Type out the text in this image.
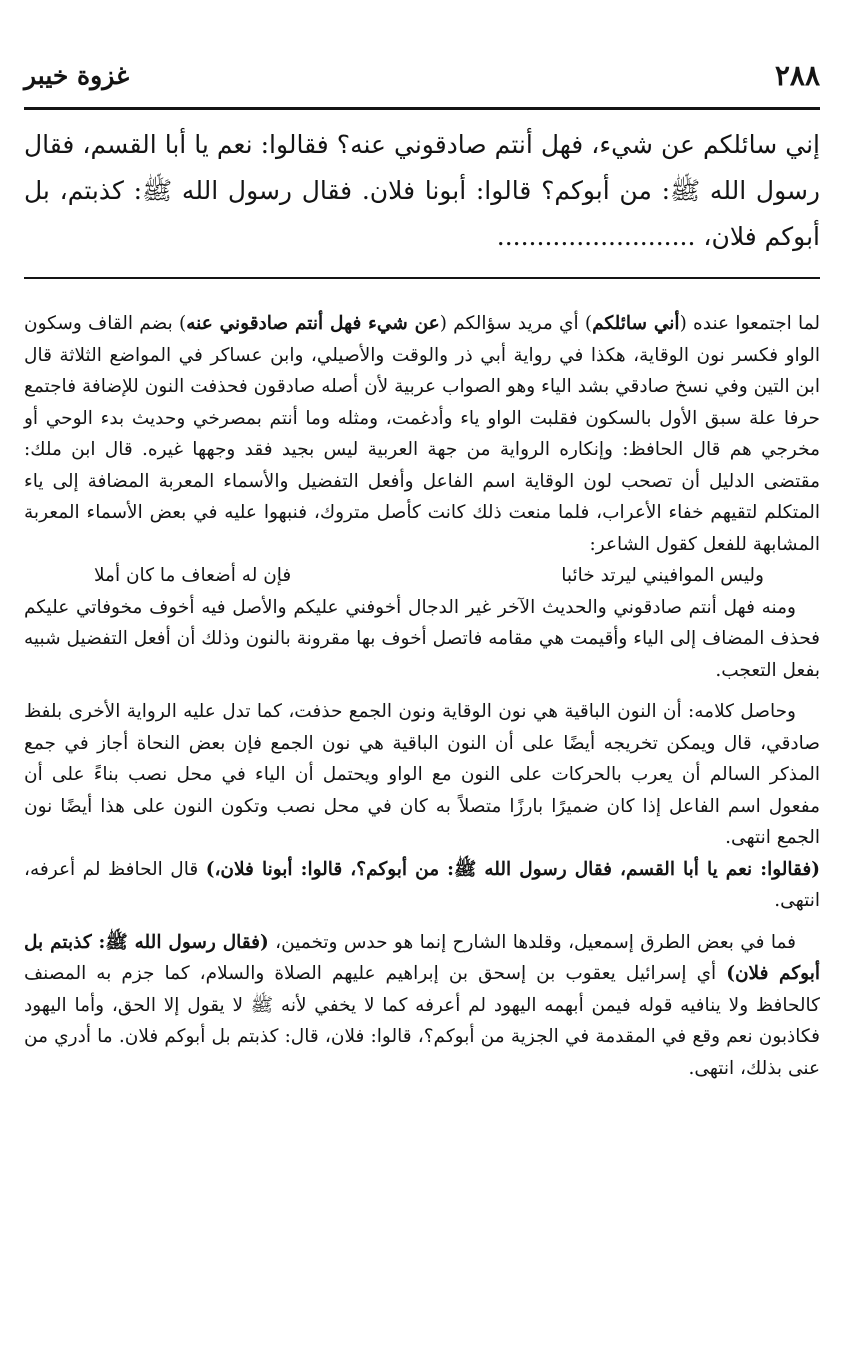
٢٨٨
غزوة خيبر

إني سائلكم عن شيء، فهل أنتم صادقوني عنه؟ فقالوا: نعم يا أبا القسم، فقال رسول الله ﷺ: من أبوكم؟ قالوا: أبونا فلان. فقال رسول الله ﷺ: كذبتم، بل أبوكم فلان، .........................

لما اجتمعوا عنده (أني سائلكم) أي مريد سؤالكم (عن شيء فهل أنتم صادقوني عنه) بضم القاف وسكون الواو فكسر نون الوقاية، هكذا في رواية أبي ذر والوقت والأصيلي، وابن عساكر في المواضع الثلاثة قال ابن التين وفي نسخ صادقي بشد الياء وهو الصواب عربية لأن أصله صادقون فحذفت النون للإضافة فاجتمع حرفا علة سبق الأول بالسكون فقلبت الواو ياء وأدغمت، ومثله وما أنتم بمصرخي وحديث بدء الوحي أو مخرجي هم قال الحافظ: وإنكاره الرواية من جهة العربية ليس بجيد فقد وجهها غيره. قال ابن ملك: مقتضى الدليل أن تصحب لون الوقاية اسم الفاعل وأفعل التفضيل والأسماء المعربة المضافة إلى ياء المتكلم لتقيهم خفاء الأعراب، فلما منعت ذلك كانت كأصل متروك، فنبهوا عليه في بعض الأسماء المعربة المشابهة للفعل كقول الشاعر:

وليس الموافيني ليرتد خائبا
فإن له أضعاف ما كان أملا

ومنه فهل أنتم صادقوني والحديث الآخر غير الدجال أخوفني عليكم والأصل فيه أخوف مخوفاتي عليكم فحذف المضاف إلى الياء وأقيمت هي مقامه فاتصل أخوف بها مقرونة بالنون وذلك أن أفعل التفضيل شبيه بفعل التعجب.

وحاصل كلامه: أن النون الباقية هي نون الوقاية ونون الجمع حذفت، كما تدل عليه الرواية الأخرى بلفظ صادقي، قال ويمكن تخريجه أيضًا على أن النون الباقية هي نون الجمع فإن بعض النحاة أجاز في جمع المذكر السالم أن يعرب بالحركات على النون مع الواو ويحتمل أن الياء في محل نصب بناءً على أن مفعول اسم الفاعل إذا كان ضميرًا بارزًا متصلاً به كان في محل نصب وتكون النون على هذا أيضًا نون الجمع انتهى.

(فقالوا: نعم يا أبا القسم، فقال رسول الله ﷺ: من أبوكم؟، قالوا: أبونا فلان،) قال الحافظ لم أعرفه، انتهى.

فما في بعض الطرق إسمعيل، وقلدها الشارح إنما هو حدس وتخمين، (فقال رسول الله ﷺ: كذبتم بل أبوكم فلان) أي إسرائيل يعقوب بن إسحق بن إبراهيم عليهم الصلاة والسلام، كما جزم به المصنف كالحافظ ولا ينافيه قوله فيمن أبهمه اليهود لم أعرفه كما لا يخفي لأنه ﷺ لا يقول إلا الحق، وأما اليهود فكاذبون نعم وقع في المقدمة في الجزية من أبوكم؟، قالوا: فلان، قال: كذبتم بل أبوكم فلان. ما أدري من عنى بذلك، انتهى.
